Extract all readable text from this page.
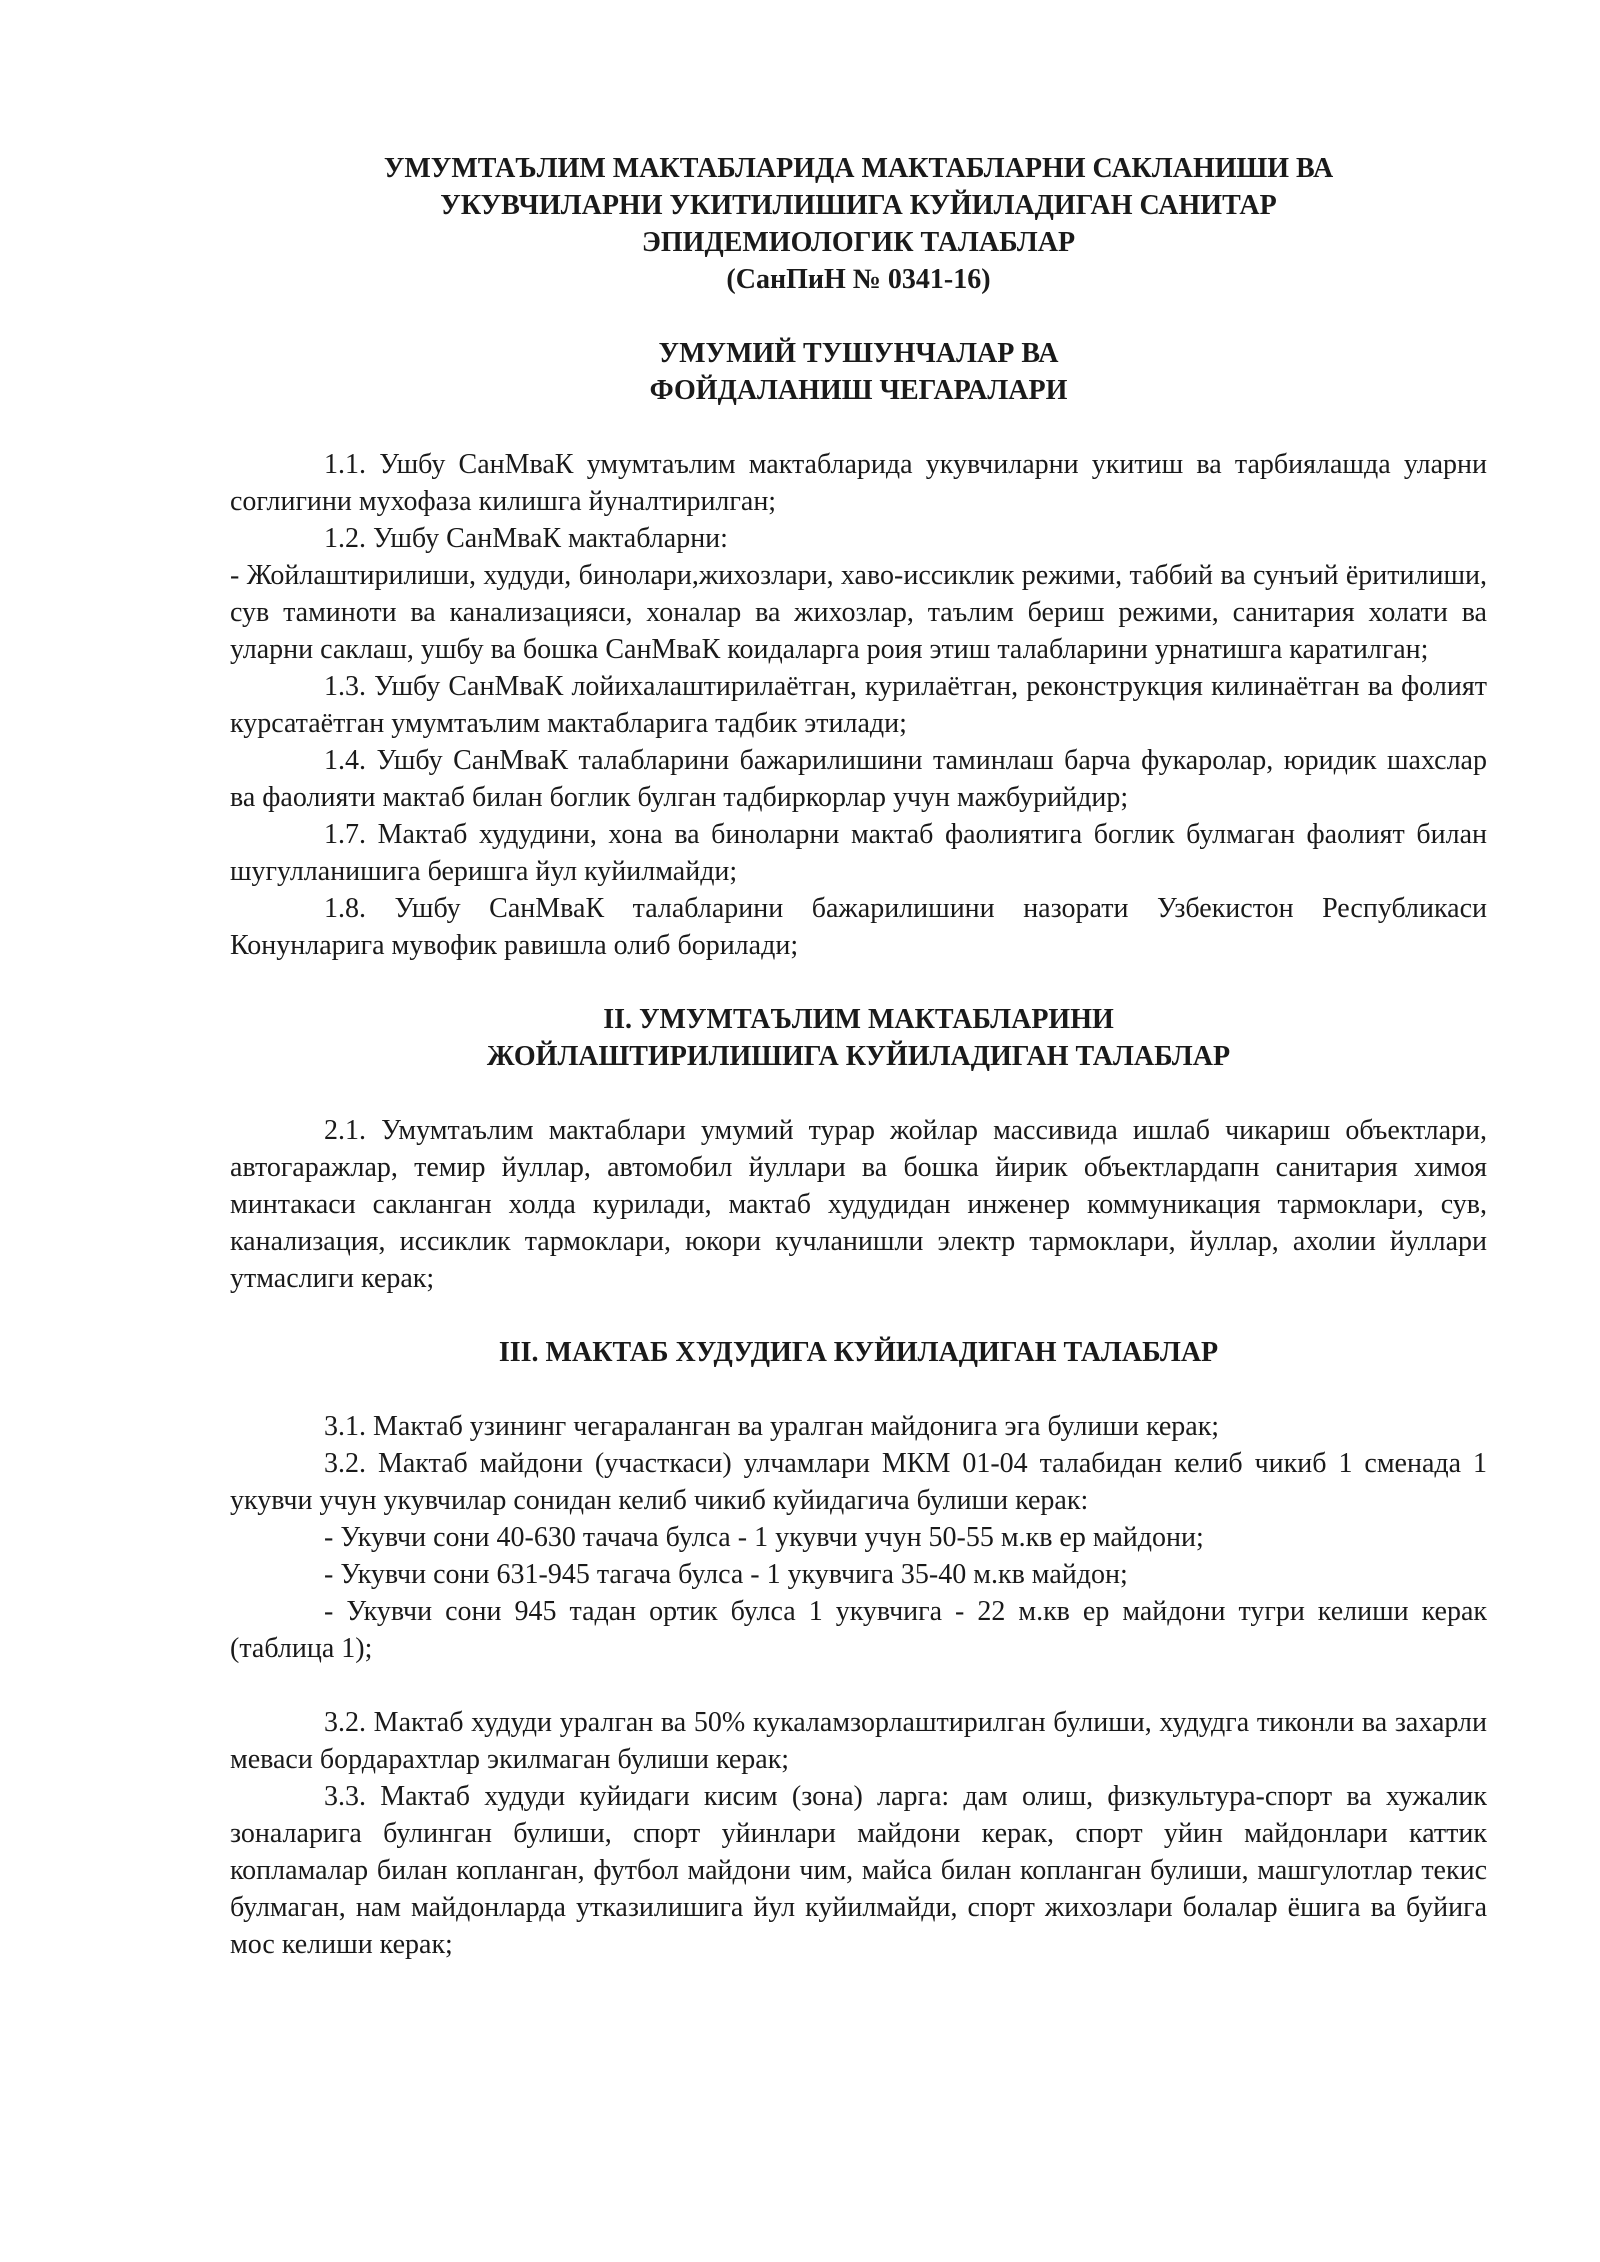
УМУМТАЪЛИМ МАКТАБЛАРИДА МАКТАБЛАРНИ САКЛАНИШИ ВА
УКУВЧИЛАРНИ УКИТИЛИШИГА КУЙИЛАДИГАН САНИТАР
ЭПИДЕМИОЛОГИК ТАЛАБЛАР
(СанПиН № 0341-16)
УМУМИЙ ТУШУНЧАЛАР ВА
ФОЙДАЛАНИШ ЧЕГАРАЛАРИ

1.1. Ушбу СанМваК умумтаълим мактабларида укувчиларни укитиш ва тарбиялашда уларни соглигини мухофаза килишга йуналтирилган;

1.2. Ушбу СанМваК мактабларни:

- Жойлаштирилиши, худуди, бинолари,жихозлари, хаво-иссиклик режими, таббий ва сунъий ёритилиши, сув таминоти ва канализацияси, хоналар ва жихозлар, таълим бериш режими, санитария холати ва уларни саклаш, ушбу ва бошка СанМваК коидаларга роия этиш талабларини урнатишга каратилган;

1.3. Ушбу СанМваК лойихалаштирилаётган, курилаётган, реконструкция килинаётган ва фолият курсатаётган умумтаълим мактабларига тадбик этилади;

1.4. Ушбу СанМваК талабларини бажарилишини таминлаш барча фукаролар, юридик шахслар ва фаолияти мактаб билан боглик булган тадбиркорлар учун мажбурийдир;

1.7. Мактаб худудини, хона ва биноларни мактаб фаолиятига боглик булмаган фаолият билан шугулланишига беришга йул куйилмайди;

1.8. Ушбу СанМваК талабларини бажарилишини назорати Узбекистон Республикаси Конунларига мувофик равишла олиб борилади;

II. УМУМТАЪЛИМ МАКТАБЛАРИНИ
ЖОЙЛАШТИРИЛИШИГА КУЙИЛАДИГАН ТАЛАБЛАР

2.1. Умумтаълим мактаблари умумий турар жойлар массивида ишлаб чикариш объектлари, автогаражлар, темир йуллар, автомобил йуллари ва бошка йирик объектлардапн санитария химоя минтакаси сакланган холда курилади, мактаб худудидан инженер коммуникация тармоклари, сув, канализация, иссиклик тармоклари, юкори кучланишли электр тармоклари, йуллар, ахолии йуллари утмаслиги керак;

III. МАКТАБ ХУДУДИГА КУЙИЛАДИГАН ТАЛАБЛАР

3.1. Мактаб узининг чегараланган ва уралган майдонига эга булиши керак;

3.2. Мактаб майдони (участкаси) улчамлари МКМ 01-04 талабидан келиб чикиб 1 сменада 1 укувчи учун укувчилар сонидан келиб чикиб куйидагича булиши керак:

- Укувчи сони 40-630 тачача булса - 1 укувчи учун 50-55 м.кв ер майдони;

- Укувчи сони 631-945 тагача булса - 1 укувчига 35-40 м.кв майдон;

- Укувчи сони 945 тадан ортик булса 1 укувчига - 22 м.кв ер майдони тугри келиши керак (таблица 1);

3.2. Мактаб худуди уралган ва 50% кукаламзорлаштирилган булиши, худудга тиконли ва захарли меваси бордарахтлар экилмаган булиши керак;

3.3. Мактаб худуди куйидаги кисим (зона) ларга: дам олиш, физкультура-спорт ва хужалик зоналарига булинган булиши, спорт уйинлари майдони керак, спорт уйин майдонлари каттик копламалар билан копланган, футбол майдони чим, майса билан копланган булиши, машгулотлар текис булмаган, нам майдонларда утказилишига йул куйилмайди, спорт жихозлари болалар ёшига ва буйига мос келиши керак;
